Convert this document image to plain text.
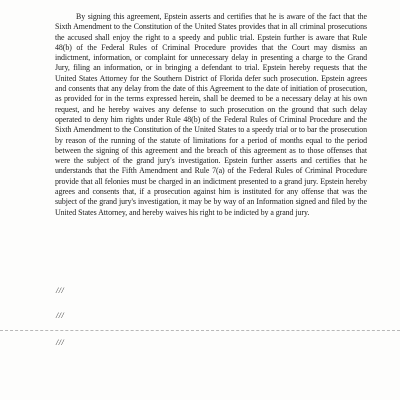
By signing this agreement, Epstein asserts and certifies that he is aware of the fact that the Sixth Amendment to the Constitution of the United States provides that in all criminal prosecutions the accused shall enjoy the right to a speedy and public trial. Epstein further is aware that Rule 48(b) of the Federal Rules of Criminal Procedure provides that the Court may dismiss an indictment, information, or complaint for unnecessary delay in presenting a charge to the Grand Jury, filing an information, or in bringing a defendant to trial. Epstein hereby requests that the United States Attorney for the Southern District of Florida defer such prosecution. Epstein agrees and consents that any delay from the date of this Agreement to the date of initiation of prosecution, as provided for in the terms expressed herein, shall be deemed to be a necessary delay at his own request, and he hereby waives any defense to such prosecution on the ground that such delay operated to deny him rights under Rule 48(b) of the Federal Rules of Criminal Procedure and the Sixth Amendment to the Constitution of the United States to a speedy trial or to bar the prosecution by reason of the running of the statute of limitations for a period of months equal to the period between the signing of this agreement and the breach of this agreement as to those offenses that were the subject of the grand jury's investigation. Epstein further asserts and certifies that he understands that the Fifth Amendment and Rule 7(a) of the Federal Rules of Criminal Procedure provide that all felonies must be charged in an indictment presented to a grand jury. Epstein hereby agrees and consents that, if a prosecution against him is instituted for any offense that was the subject of the grand jury's investigation, it may be by way of an Information signed and filed by the United States Attorney, and hereby waives his right to be indicted by a grand jury.

///
///
///
